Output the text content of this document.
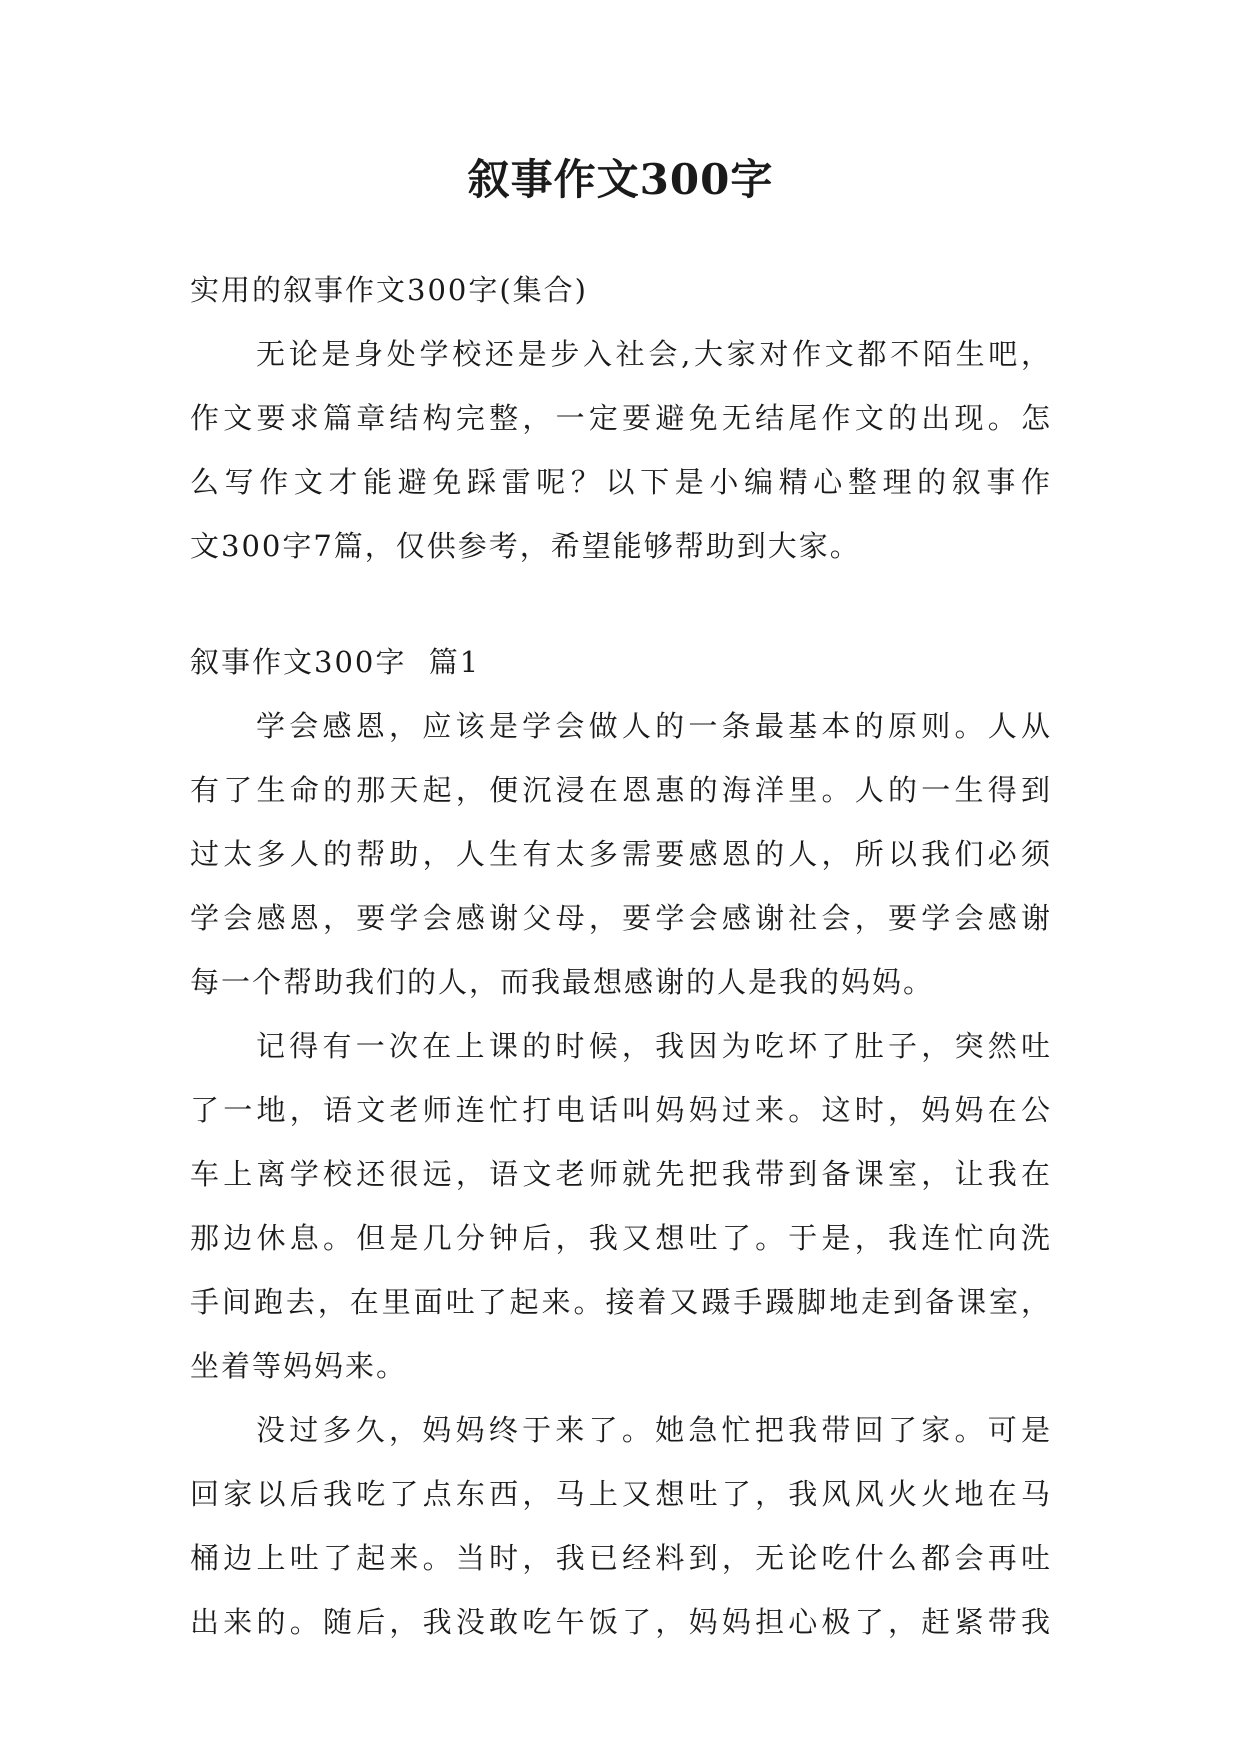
叙事作文300字
实用的叙事作文300字(集合)
无论是身处学校还是步入社会,大家对作文都不陌生吧，
作文要求篇章结构完整，一定要避免无结尾作文的出现。怎
么写作文才能避免踩雷呢？以下是小编精心整理的叙事作
文300字7篇，仅供参考，希望能够帮助到大家。
叙事作文300字  篇1
学会感恩，应该是学会做人的一条最基本的原则。人从
有了生命的那天起，便沉浸在恩惠的海洋里。人的一生得到
过太多人的帮助，人生有太多需要感恩的人，所以我们必须
学会感恩，要学会感谢父母，要学会感谢社会，要学会感谢
每一个帮助我们的人，而我最想感谢的人是我的妈妈。
记得有一次在上课的时候，我因为吃坏了肚子，突然吐
了一地，语文老师连忙打电话叫妈妈过来。这时，妈妈在公
车上离学校还很远，语文老师就先把我带到备课室，让我在
那边休息。但是几分钟后，我又想吐了。于是，我连忙向洗
手间跑去，在里面吐了起来。接着又蹑手蹑脚地走到备课室，
坐着等妈妈来。
没过多久，妈妈终于来了。她急忙把我带回了家。可是
回家以后我吃了点东西，马上又想吐了，我风风火火地在马
桶边上吐了起来。当时，我已经料到，无论吃什么都会再吐
出来的。随后，我没敢吃午饭了，妈妈担心极了，赶紧带我
